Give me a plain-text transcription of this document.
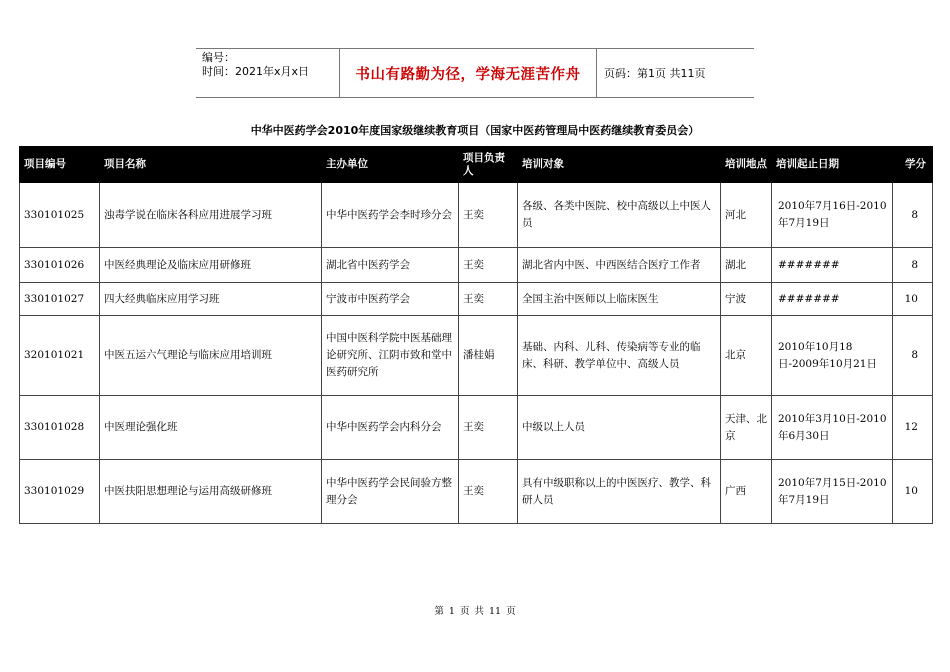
编号：
时间：2021年x月x日	书山有路勤为径，学海无涯苦作舟	页码：第1页 共11页
中华中医药学会2010年度国家级继续教育项目（国家中医药管理局中医药继续教育委员会）
项目编号	项目名称	主办单位	项目负责人	培训对象	培训地点	培训起止日期	学分
330101025	浊毒学说在临床各科应用进展学习班	中华中医药学会李时珍分会	王奕	各级、各类中医院、校中高级以上中医人员	河北	2010年7月16日-2010年7月19日	8
330101026	中医经典理论及临床应用研修班	湖北省中医药学会	王奕	湖北省内中医、中西医结合医疗工作者	湖北	#######	8
330101027	四大经典临床应用学习班	宁波市中医药学会	王奕	全国主治中医师以上临床医生	宁波	#######	10
320101021	中医五运六气理论与临床应用培训班	中国中医科学院中医基础理论研究所、江阴市致和堂中医药研究所	潘桂娟	基础、内科、儿科、传染病等专业的临床、科研、教学单位中、高级人员	北京	2010年10月18日-2009年10月21日	8
330101028	中医理论强化班	中华中医药学会内科分会	王奕	中级以上人员	天津、北京	2010年3月10日-2010年6月30日	12
330101029	中医扶阳思想理论与运用高级研修班	中华中医药学会民间验方整理分会	王奕	具有中级职称以上的中医医疗、教学、科研人员	广西	2010年7月15日-2010年7月19日	10
第 1 页 共 11 页
